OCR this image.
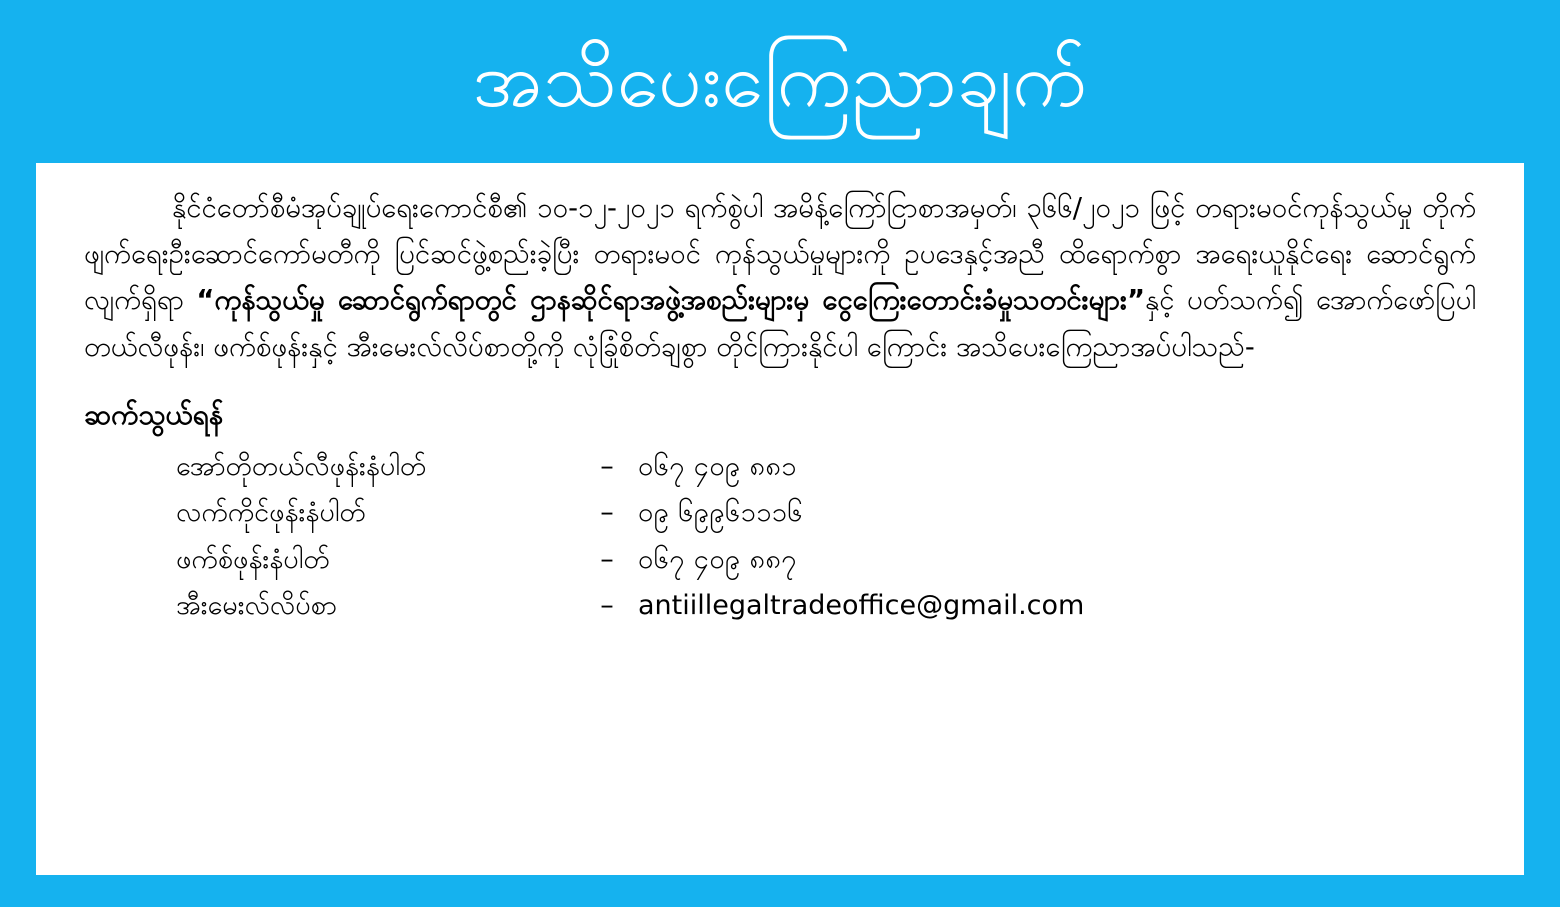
အသိပေးကြေညာချက်

နိုင်ငံတော်စီမံအုပ်ချုပ်ရေးကောင်စီ၏ ၁၀-၁၂-၂၀၂၁ ရက်စွဲပါ အမိန့်ကြော်ငြာစာအမှတ်၊ ၃၆၆/၂၀၂၁ ဖြင့် တရားမဝင်ကုန်သွယ်မှု တိုက်ဖျက်ရေးဦးဆောင်ကော်မတီကို ပြင်ဆင်ဖွဲ့စည်းခဲ့ပြီး တရားမဝင် ကုန်သွယ်မှုများကို ဥပဒေနှင့်အညီ ထိရောက်စွာ အရေးယူနိုင်ရေး ဆောင်ရွက်လျက်ရှိရာ “ကုန်သွယ်မှု ဆောင်ရွက်ရာတွင် ဌာနဆိုင်ရာအဖွဲ့အစည်းများမှ ငွေကြေးတောင်းခံမှုသတင်းများ”နှင့် ပတ်သက်၍ အောက်ဖော်ပြပါ တယ်လီဖုန်း၊ ဖက်စ်ဖုန်းနှင့် အီးမေးလ်လိပ်စာတို့ကို လုံခြုံစိတ်ချစွာ တိုင်ကြားနိုင်ပါ ကြောင်း အသိပေးကြေညာအပ်ပါသည်-

ဆက်သွယ်ရန်
အော်တိုတယ်လီဖုန်းနံပါတ်	– ၀၆၇ ၄၀၉ ၈၈၁
လက်ကိုင်ဖုန်းနံပါတ်	– ၀၉ ၆၉၉၆၁၁၁၆
ဖက်စ်ဖုန်းနံပါတ်	– ၀၆၇ ၄၀၉ ၈၈၇
အီးမေးလ်လိပ်စာ	– antiillegaltradeoffice@gmail.com
